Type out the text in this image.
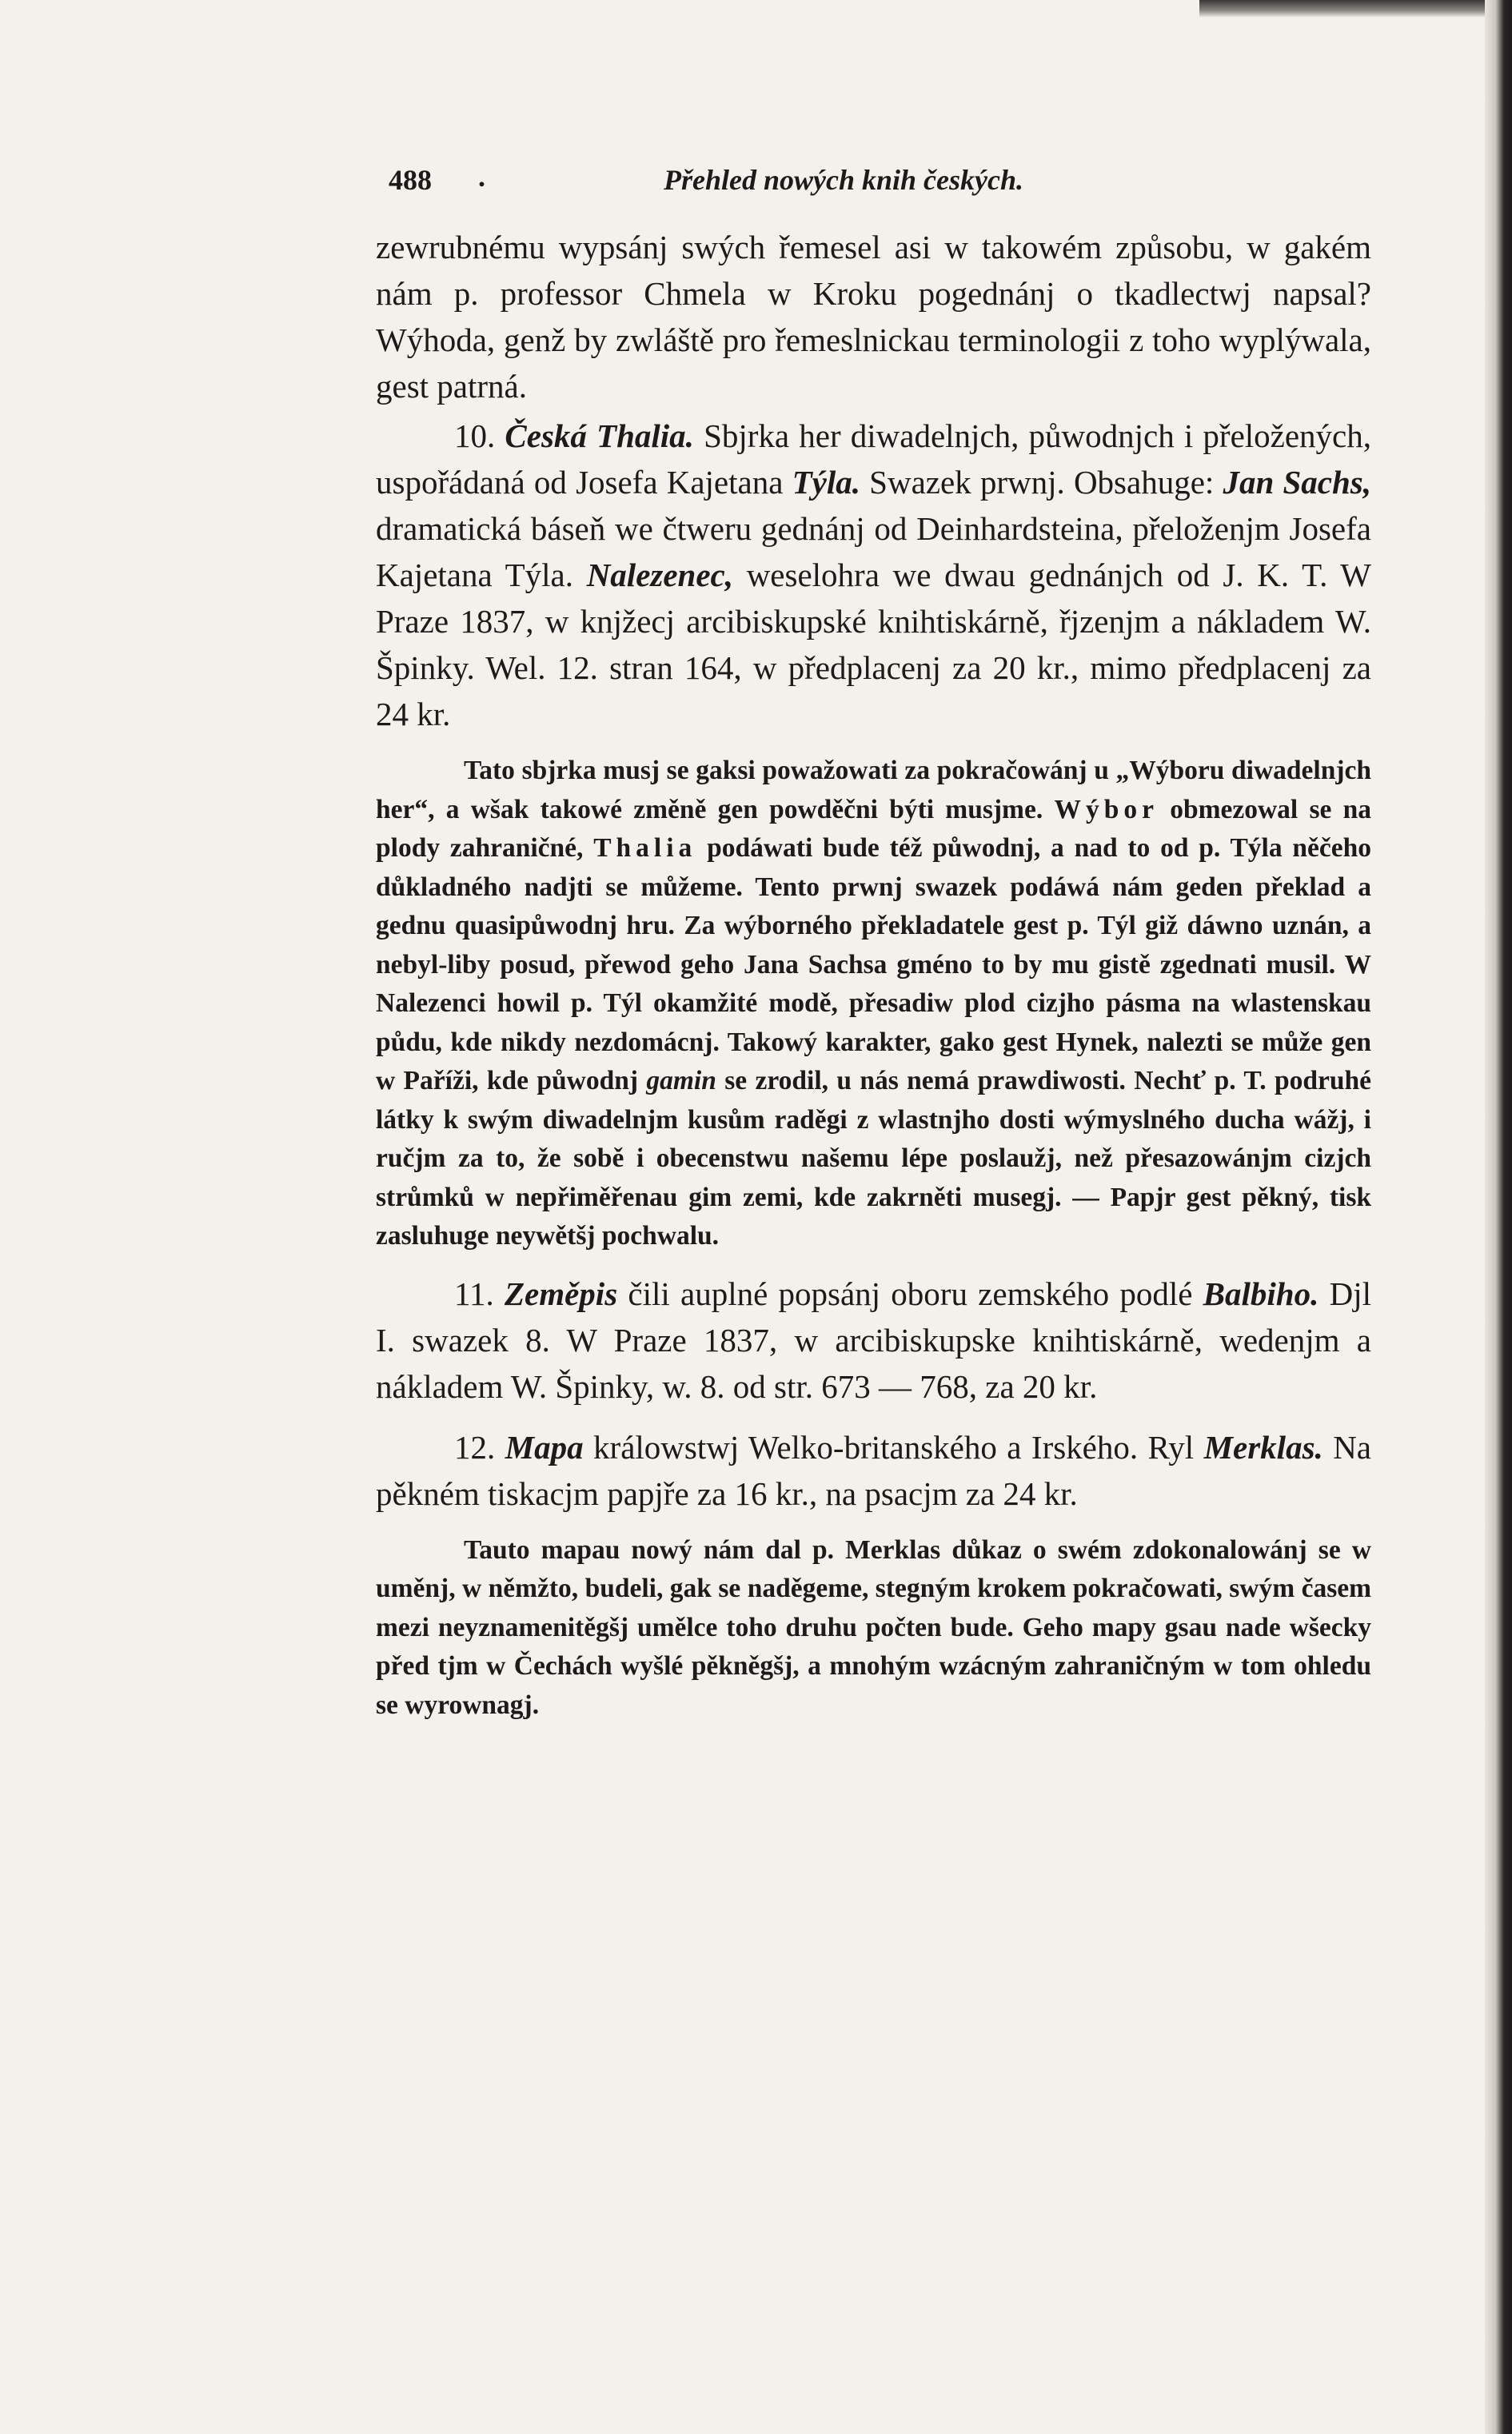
488 .	Přehled nowých knih českých.

zewrubnému wypsánj swých řemesel asi w takowém způsobu, w gakém nám p. professor Chmela w Kroku pogednánj o tkadlectwj napsal? Wýhoda, genž by zwláště pro řemeslnickau terminologii z toho wyplýwala, gest patrná.

10. Česká Thalia. Sbjrka her diwadelnjch, půwodnjch i přeložených, uspořádaná od Josefa Kajetana Týla. Swazek prwnj. Obsahuge: Jan Sachs, dramatická báseň we čtweru gednánj od Deinhardsteina, přeloženjm Josefa Kajetana Týla. Nalezenec, weselohra we dwau gednánjch od J. K. T. W Praze 1837, w knjžecj arcibiskupské knihtiskárně, řjzenjm a nákladem W. Špinky. Wel. 12. stran 164, w předplacenj za 20 kr., mimo předplacenj za 24 kr.

Tato sbjrka musj se gaksi powažowati za pokračowánj u „Wýboru diwadelnjch her“, a wšak takowé změně gen powděčni býti musjme. Wýbor obmezowal se na plody zahraničné, Thalia podáwati bude též půwodnj, a nad to od p. Týla něčeho důkladného nadjti se můžeme. Tento prwnj swazek podáwá nám geden překlad a gednu quasipůwodnj hru. Za wýborného překladatele gest p. Týl giž dáwno uznán, a nebyl-liby posud, přewod geho Jana Sachsa gméno to by mu gistě zgednati musil. W Nalezenci howil p. Týl okamžité modě, přesadiw plod cizjho pásma na wlastenskau půdu, kde nikdy nezdomácnj. Takowý karakter, gako gest Hynek, nalezti se může gen w Paříži, kde půwodnj gamin se zrodil, u nás nemá prawdiwosti. Nechť p. T. podruhé látky k swým diwadelnjm kusům raděgi z wlastnjho dosti wýmyslného ducha wážj, i ručjm za to, že sobě i obecenstwu našemu lépe poslaužj, než přesazowánjm cizjch strůmků w nepřiměřenau gim zemi, kde zakrněti musegj. — Papjr gest pěkný, tisk zasluhuge neywětšj pochwalu.

11. Zeměpis čili auplné popsánj oboru zemského podlé Balbiho. Djl I. swazek 8. W Praze 1837, w arcibiskupske knihtiskárně, wedenjm a nákladem W. Špinky, w. 8. od str. 673 — 768, za 20 kr.

12. Mapa králowstwj Welko-britanského a Irského. Ryl Merklas. Na pěkném tiskacjm papjře za 16 kr., na psacjm za 24 kr.

Tauto mapau nowý nám dal p. Merklas důkaz o swém zdokonalowánj se w uměnj, w němžto, budeli, gak se naděgeme, stegným krokem pokračowati, swým časem mezi neyznamenitěgšj umělce toho druhu počten bude. Geho mapy gsau nade wšecky před tjm w Čechách wyšlé pěkněgšj, a mnohým wzácným zahraničným w tom ohledu se wyrownagj.
